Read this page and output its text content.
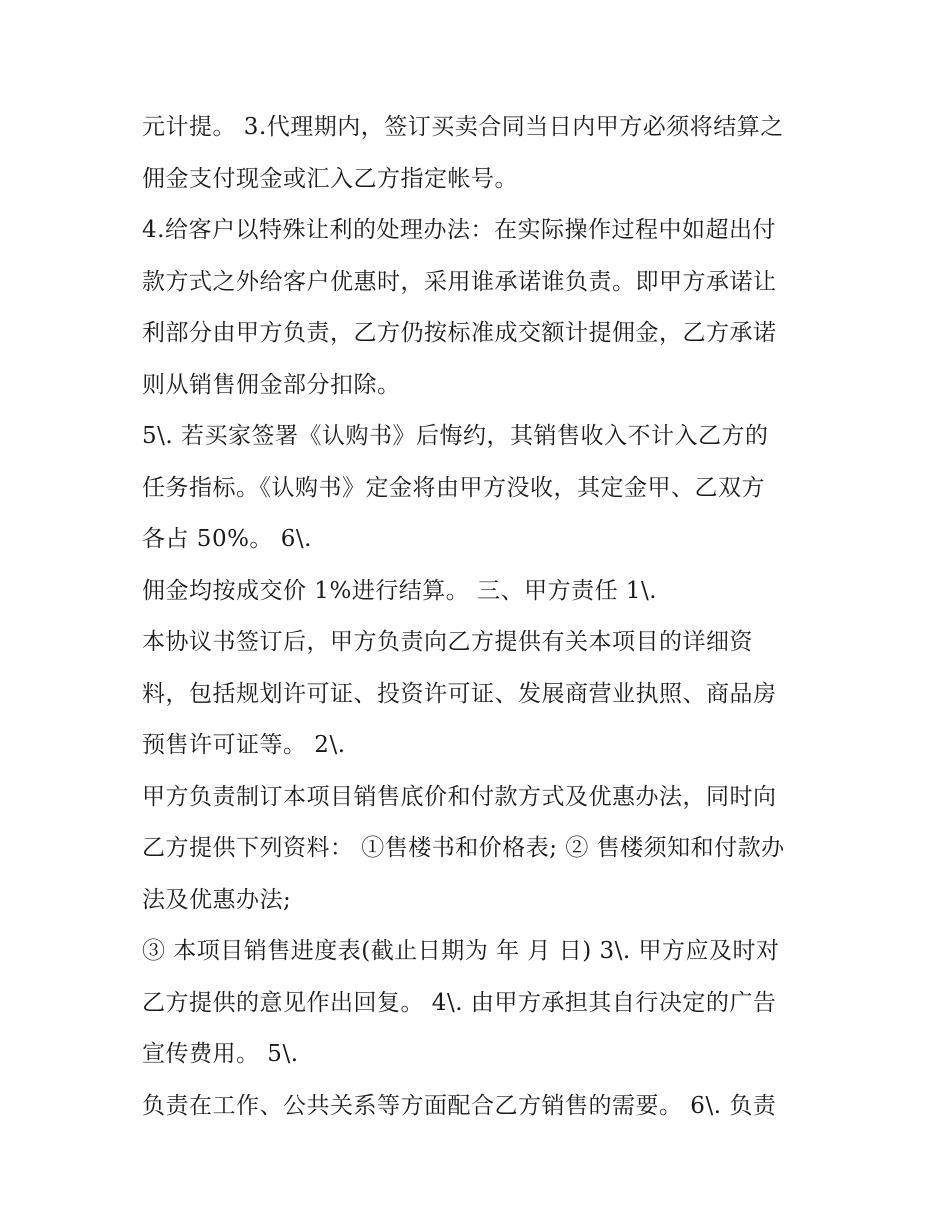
元计提。 3.代理期内，签订买卖合同当日内甲方必须将结算之
佣金支付现金或汇入乙方指定帐号。
4.给客户以特殊让利的处理办法：在实际操作过程中如超出付
款方式之外给客户优惠时，采用谁承诺谁负责。即甲方承诺让
利部分由甲方负责，乙方仍按标准成交额计提佣金，乙方承诺
则从销售佣金部分扣除。
5\. 若买家签署《认购书》后悔约，其销售收入不计入乙方的
任务指标。《认购书》定金将由甲方没收，其定金甲、乙双方
各占 50%。 6\.
佣金均按成交价 1%进行结算。 三、甲方责任 1\.
本协议书签订后，甲方负责向乙方提供有关本项目的详细资
料，包括规划许可证、投资许可证、发展商营业执照、商品房
预售许可证等。 2\.
甲方负责制订本项目销售底价和付款方式及优惠办法，同时向
乙方提供下列资料： ①售楼书和价格表; ② 售楼须知和付款办
法及优惠办法;
③ 本项目销售进度表(截止日期为 年 月 日) 3\. 甲方应及时对
乙方提供的意见作出回复。 4\. 由甲方承担其自行决定的广告
宣传费用。 5\.
负责在工作、公共关系等方面配合乙方销售的需要。 6\. 负责
